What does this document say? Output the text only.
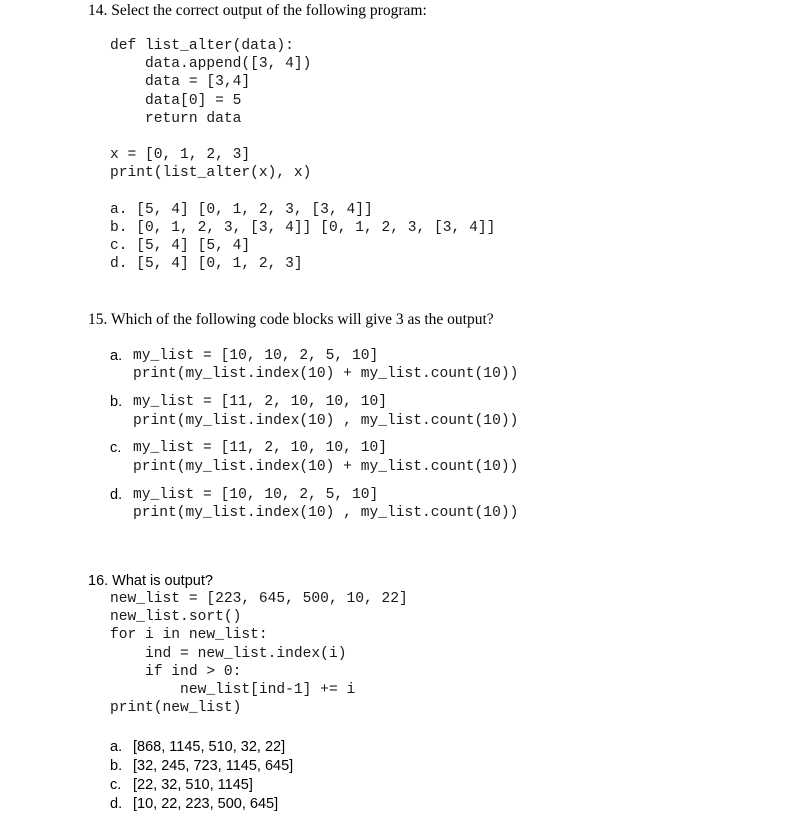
14. Select the correct output of the following program:

def list_alter(data):

data.append([3, 4])

data = [3,4]

data[0] = 5

return data

x = [0, 1, 2, 3]

print(list_alter(x), x)

a. [5, 4] [0, 1, 2, 3, [3, 4]]

b. [0, 1, 2, 3, [3, 4]] [0, 1, 2, 3, [3, 4]]

c. [5, 4] [5, 4]

d. [5, 4] [0, 1, 2, 3]

15. Which of the following code blocks will give 3 as the output?

a. my_list = [10, 10, 2, 5, 10]

print(my_list.index(10) + my_list.count(10))

b. my_list = [11, 2, 10, 10, 10]

print(my_list.index(10) , my_list.count(10))

c. my_list = [11, 2, 10, 10, 10]

print(my_list.index(10) + my_list.count(10))

d. my_list = [10, 10, 2, 5, 10]

print(my_list.index(10) , my_list.count(10))

16. What is output?

new_list = [223, 645, 500, 10, 22]

new_list.sort()

for i in new_list:

ind = new_list.index(i)

if ind > 0:

new_list[ind-1] += i

print(new_list)

a. [868, 1145, 510, 32, 22]

b. [32, 245, 723, 1145, 645]

c. [22, 32, 510, 1145]

d. [10, 22, 223, 500, 645]
